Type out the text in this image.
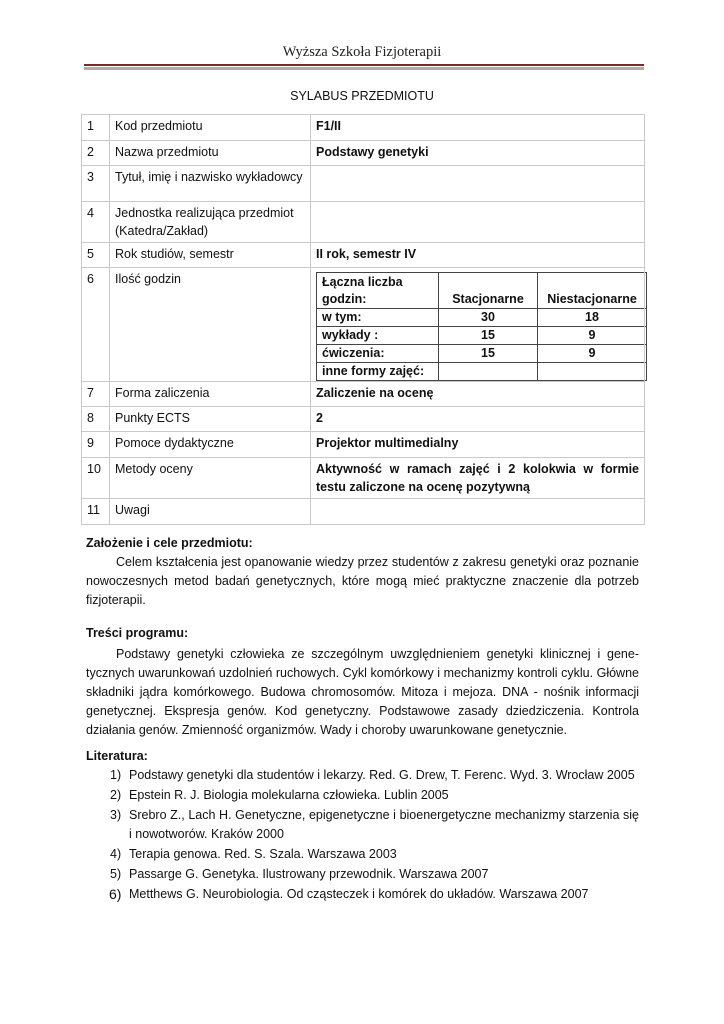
Wyższa Szkoła Fizjoterapii
SYLABUS PRZEDMIOTU
1	Kod przedmiotu	F1/II
2	Nazwa przedmiotu	Podstawy genetyki
3	Tytuł, imię i nazwisko wykładowcy	
4	Jednostka realizująca przedmiot (Katedra/Zakład)	
5	Rok studiów, semestr	II rok, semestr IV
6	Ilość godzin		Łączna liczba godzin:	Stacjonarne	Niestacjonarne
w tym:	30	18
wykłady :	15	9
ćwiczenia:	15	9
inne formy zajęć:		

7	Forma zaliczenia	Zaliczenie na ocenę
8	Punkty ECTS	2
9	Pomoce dydaktyczne	Projektor multimedialny
10	Metody oceny	Aktywność w ramach zajęć i 2 kolokwia w formie testu zaliczone na ocenę pozytywną
11	Uwagi	
Założenie i cele przedmiotu:

Celem kształcenia jest opanowanie wiedzy przez studentów z zakresu genetyki oraz poznanie nowoczesnych metod badań genetycznych, które mogą mieć praktyczne znaczenie dla potrzeb fizjoterapii.

Treści programu:

Podstawy genetyki człowieka ze szczególnym uwzględnieniem genetyki klinicznej i gene-tycznych uwarunkowań uzdolnień ruchowych. Cykl komórkowy i mechanizmy kontroli cyklu. Główne składniki jądra komórkowego. Budowa chromosomów. Mitoza i mejoza. DNA - nośnik informacji genetycznej. Ekspresja genów. Kod genetyczny. Podstawowe zasady dziedziczenia. Kontrola działania genów. Zmienność organizmów. Wady i choroby uwarunkowane genetycznie.

Literatura:
1) Podstawy genetyki dla studentów i lekarzy. Red. G. Drew, T. Ferenc. Wyd. 3. Wrocław 2005
2) Epstein R. J. Biologia molekularna człowieka. Lublin 2005
3) Srebro Z., Lach H. Genetyczne, epigenetyczne i bioenergetyczne mechanizmy starzenia się i nowotworów. Kraków 2000
4) Terapia genowa. Red. S. Szala. Warszawa 2003
5) Passarge G. Genetyka. Ilustrowany przewodnik. Warszawa 2007
6) Metthews G. Neurobiologia. Od cząsteczek i komórek do układów. Warszawa 2007
